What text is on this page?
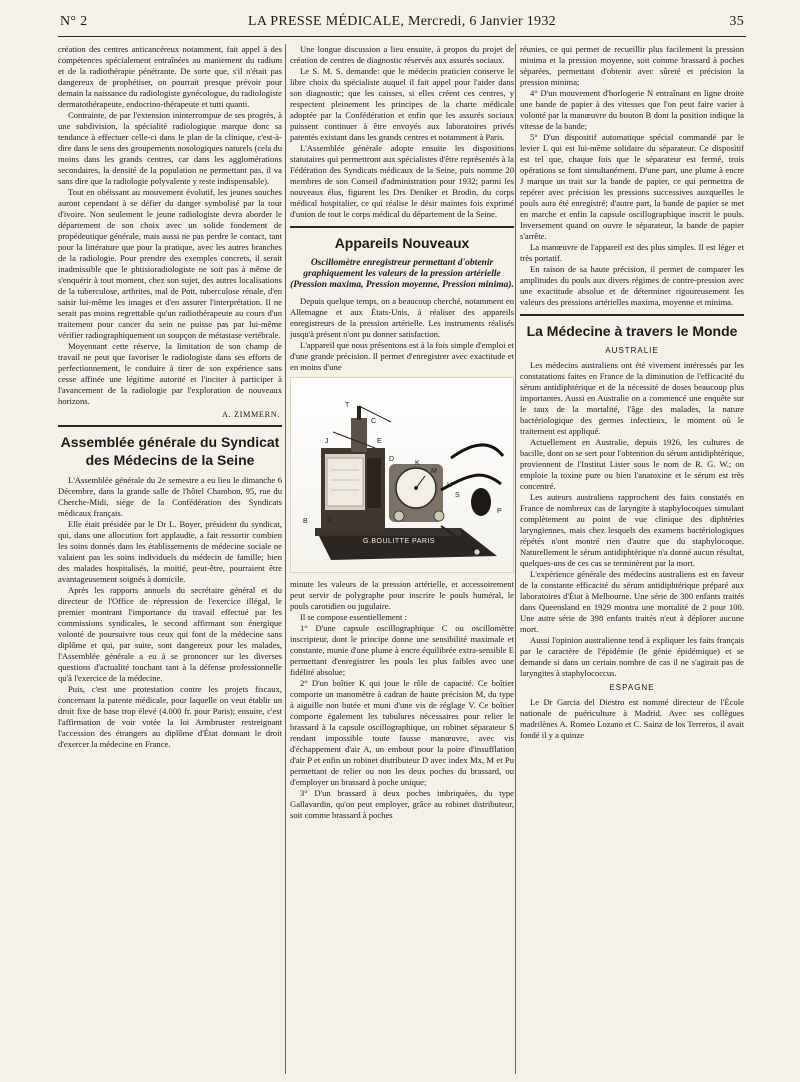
N° 2	LA PRESSE MÉDICALE, Mercredi, 6 Janvier 1932	35

création des centres anticancéreux notamment, fait appel à des compétences spécialement entraînées au maniement du radium et de la radiothérapie pénétrante. De sorte que, s'il n'était pas dangereux de prophétiser, on pourrait presque prévoir pour demain la naissance du radiologiste gynécologue, du radiologiste dermatothérapeute, endocrino-thérapeute et tutti quanti.

Contrainte, de par l'extension ininterrompue de ses progrès, à une subdivision, la spécialité radiologique marque donc sa tendance à effectuer celle-ci dans le plan de la clinique, c'est-à-dire dans le sens des groupements nosologiques naturels (cela du moins dans les grands centres, car dans les agglomérations secondaires, la densité de la population ne permettant pas, il va sans dire que la radiologie polyvalente y reste indispensable).

Tout en obéissant au mouvement évolutif, les jeunes souches auront cependant à se défier du danger symbolisé par la tour d'ivoire. Non seulement le jeune radiologiste devra aborder le département de son choix avec un solide fondement de propédeutique générale, mais aussi ne pas perdre le contact, tant pour la littérature que pour la pratique, avec les autres branches de la radiologie. Pour prendre des exemples concrets, il serait inadmissible que le phtisioradiologiste ne soit pas à même de s'enquérir à tout moment, chez son sujet, des autres localisations de la tuberculose, arthrites, mal de Pott, tuberculose rénale, d'en saisir lui-même les images et d'en assurer l'interprétation. Il ne serait pas moins regrettable qu'un radiothérapeute au cours d'un traitement pour cancer du sein ne puisse pas par lui-même vérifier radiographiquement un soupçon de métastase vertébrale.

Moyennant cette réserve, la limitation de son champ de travail ne peut que favoriser le radiologiste dans ses efforts de perfectionnement, le conduire à tirer de son expérience sans cesse affinée une légitime autorité et l'inciter à participer à l'avancement de la radiologie par l'exploration de nouveaux horizons.

A. ZIMMERN.
Assemblée générale du Syndicat des Médecins de la Seine

L'Assemblée générale du 2e semestre a eu lieu le dimanche 6 Décembre, dans la grande salle de l'hôtel Chambon, 95, rue du Cherche-Midi, siège de la Confédération des Syndicats médicaux français.

Elle était présidée par le Dr L. Boyer, président du syndicat, qui, dans une allocution fort applaudie, a fait ressortir combien les soins donnés dans les établissements de médecine sociale ne valaient pas les soins individuels du médecin de famille; bien des malades hospitalisés, la moitié, peut-être, pourraient être avantageusement soignés à domicile.

Après les rapports annuels du secrétaire général et du directeur de l'Office de répression de l'exercice illégal, le premier montrant l'importance du travail effectué par les commissions syndicales, le second affirmant son énergique volonté de poursuivre tous ceux qui font de la médecine sans diplôme et qui, par suite, sont dangereux pour les malades, l'Assemblée générale a eu à se prononcer sur les diverses questions d'actualité touchant tant à la défense professionnelle qu'à l'exercice de la médecine.

Puis, c'est une protestation contre les projets fiscaux, concernant la patente médicale, pour laquelle on veut établir un droit fixe de base trop élevé (4.000 fr. pour Paris); ensuite, c'est l'affirmation de voir votée la loi Armbruster restreignant l'accession des étrangers au diplôme d'État donnant le droit d'exercer la médecine en France.

Une longue discussion a lieu ensuite, à propos du projet de création de centres de diagnostic réservés aux assurés sociaux.

Le S. M. S. demande: que le médecin praticien conserve le libre choix du spécialiste auquel il fait appel pour l'aider dans son diagnostic; que les caisses, si elles créent ces centres, y respectent pleinement les principes de la charte médicale adoptée par la Confédération et enfin que les assurés sociaux puissent continuer à être envoyés aux laboratoires privés patentés existant dans les grands centres et notamment à Paris.

L'Assemblée générale adopte ensuite les dispositions statutaires qui permettront aux spécialistes d'être représentés à la Fédération des Syndicats médicaux de la Seine, puis nomme 20 membres de son Conseil d'administration pour 1932; parmi les nouveaux élus, figurent les Drs Deniker et Brodin, du corps médical hospitalier, ce qui réalise le désir maintes fois exprimé d'union de tout le corps médical du département de la Seine.

Appareils Nouveaux
Oscillomètre enregistreur permettant d'obtenir graphiquement les valeurs de la pression artérielle (Pression maxima, Pression moyenne, Pression minima).

Depuis quelque temps, on a beaucoup cherché, notamment en Allemagne et aux États-Unis, à réaliser des appareils enregistreurs de la pression artérielle. Les instruments réalisés jusqu'à présent n'ont pu donner satisfaction.

L'appareil que nous présentons est à la fois simple d'emploi et d'une grande précision. Il permet d'enregistrer avec exactitude et en moins d'une

T
C
J	E
D
K
M
H
B	R
S
P
G.BOULITTE PARIS

minute les valeurs de la pression artérielle, et accessoirement peut servir de polygraphe pour inscrire le pouls huméral, le pouls carotidien ou jugulaire.

Il se compose essentiellement :

1° D'une capsule oscillographique C ou oscillomètre inscripteur, dont le principe donne une sensibilité maximale et constante, munie d'une plume à encre équilibrée extra-sensible E permettant d'enregistrer les pouls les plus faibles avec une fidélité absolue;

2° D'un boîtier K qui joue le rôle de capacité. Ce boîtier comporte un manomètre à cadran de haute précision M, du type à aiguille non butée et muni d'une vis de réglage V. Ce boîtier comporte également les tubulures nécessaires pour relier le brassard à la capsule oscillographique, un robinet séparateur S rendant impossible toute fausse manœuvre, avec vis d'échappement d'air A, un embout pour la poire d'insufflation d'air P et enfin un robinet distributeur D avec index Mx, M et Pu permettant de relier ou non les deux poches du brassard, ou d'employer un brassard à poche unique;

3° D'un brassard à deux poches imbriquées, du type Gallavardin, qu'on peut employer, grâce au robinet distributeur, soit comme brassard à poches

réunies, ce qui permet de recueillir plus facilement la pression minima et la pression moyenne, soit comme brassard à poches séparées, permettant d'obtenir avec sûreté et précision la pression minima;

4° D'un mouvement d'horlogerie N entraînant en ligne droite une bande de papier à des vitesses que l'on peut faire varier à volonté par la manœuvre du bouton B dont la position indique la vitesse de la bande;

5° D'un dispositif automatique spécial commandé par le levier L qui est lui-même solidaire du séparateur. Ce dispositif est tel que, chaque fois que le séparateur est fermé, trois opérations se font simultanément. D'une part, une plume à encre J marque un trait sur la bande de papier, ce qui permettra de repérer avec précision les pressions successives auxquelles le pouls aura été enregistré; d'autre part, la bande de papier se met en marche et enfin la capsule oscillographique inscrit le pouls. Inversement quand on ouvre le séparateur, la bande de papier s'arrête.

La manœuvre de l'appareil est des plus simples. Il est léger et très portatif.

En raison de sa haute précision, il permet de comparer les amplitudes du pouls aux divers régimes de contre-pression avec une exactitude absolue et de déterminer rigoureusement les valeurs des pressions artérielles maxima, moyenne et minima.

La Médecine à travers le Monde
AUSTRALIE

Les médecins australiens ont été vivement intéressés par les constatations faites en France de la diminution de l'efficacité du sérum antidiphtérique et de la nécessité de doses beaucoup plus importantes. Aussi en Australie on a commencé une enquête sur le taux de la mortalité, l'âge des malades, la nature bactériologique des germes infectieux, le moment où le traitement est appliqué.

Actuellement en Australie, depuis 1926, les cultures de bacille, dont on se sert pour l'obtention du sérum antidiphtérique, proviennent de l'Institut Lister sous le nom de R. G. W.; on emploie la toxine pure ou bien l'anatoxine et le sérum est très concentré.

Les auteurs australiens rapprochent des faits constatés en France de nombreux cas de laryngite à staphylocoques simulant complètement au point de vue clinique des diphtéries laryngiennes, mais chez lesquels des examens bactériologiques répétés n'ont montré rien d'autre que du staphylocoque. Naturellement le sérum antidiphtérique n'a donné aucun résultat, quelques-uns de ces cas se terminèrent par la mort.

L'expérience générale des médecins australiens est en faveur de la constante efficacité du sérum antidiphtérique préparé aux laboratoires d'État à Melbourne. Une série de 300 enfants traités dans Queensland en 1929 montra une mortalité de 2 pour 100. Une autre série de 398 enfants traités n'eut à déplorer aucune mort.

Aussi l'opinion australienne tend à expliquer les faits français par le caractère de l'épidémie (le génie épidémique) et se demande si dans un certain nombre de cas il ne s'agirait pas de laryngites à staphylococcus.

ESPAGNE

Le Dr Garcia del Diestro est nommé directeur de l'École nationale de puériculture à Madrid. Avec ses collègues madrilènes A. Romeo Lozano et C. Sainz de los Terreros, il avait fondé il y a quinze
